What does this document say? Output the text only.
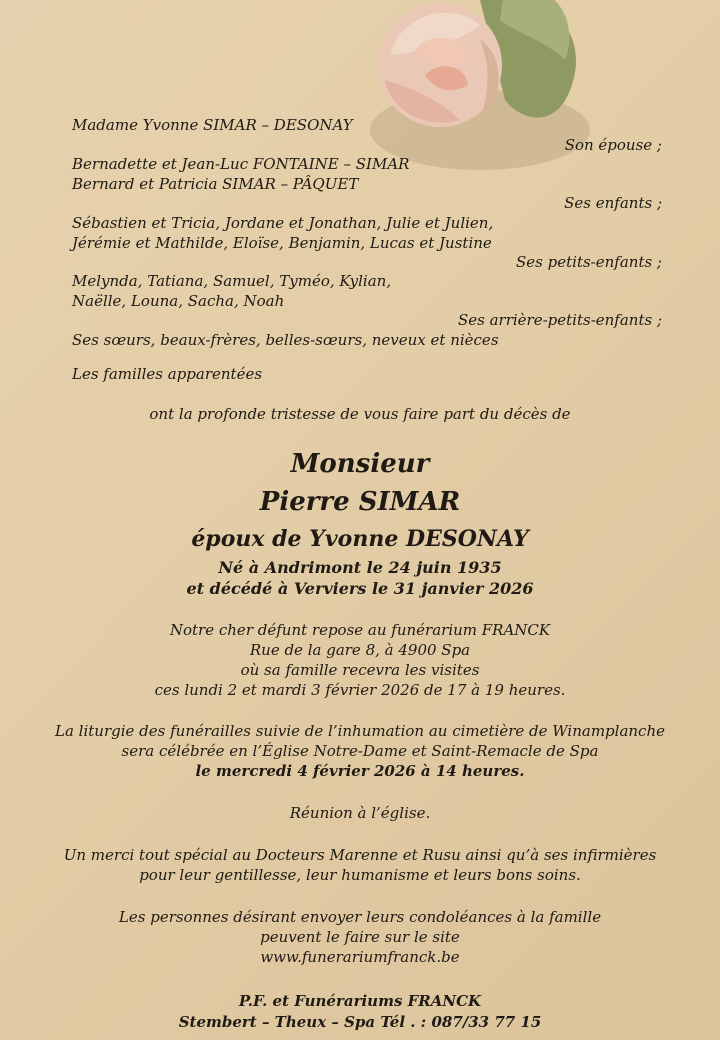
Madame Yvonne SIMAR – DESONAY
Son épouse ;
Bernadette et Jean-Luc FONTAINE – SIMAR
Bernard et Patricia SIMAR – PÂQUET
Ses enfants ;
Sébastien et Tricia, Jordane et Jonathan, Julie et Julien,
Jérémie et Mathilde, Eloïse, Benjamin, Lucas et Justine
Ses petits-enfants ;
Melynda, Tatiana, Samuel, Tyméo, Kylian,
Naëlle, Louna, Sacha, Noah
Ses arrière-petits-enfants ;
Ses sœurs, beaux-frères, belles-sœurs, neveux et nièces
Les familles apparentées
ont la profonde tristesse de vous faire part du décès de
Monsieur
Pierre SIMAR
époux de Yvonne DESONAY
Né à Andrimont le 24 juin 1935
et décédé à Verviers le 31 janvier 2026
Notre cher défunt repose au funérarium FRANCK
Rue de la gare 8, à 4900 Spa
où sa famille recevra les visites
ces lundi 2 et mardi 3 février 2026 de 17 à 19 heures.
La liturgie des funérailles suivie de l’inhumation au cimetière de Winamplanche
sera célébrée en l’Église Notre-Dame et Saint-Remacle de Spa
le mercredi 4 février 2026 à 14 heures.
Réunion à l’église.
Un merci tout spécial au Docteurs Marenne et Rusu ainsi qu’à ses infirmières
pour leur gentillesse, leur humanisme et leurs bons soins.
Les personnes désirant envoyer leurs condoléances à la famille
peuvent le faire sur le site
www.funerariumfranck.be
P.F. et Funérariums FRANCK
Stembert – Theux – Spa Tél . : 087/33 77 15
